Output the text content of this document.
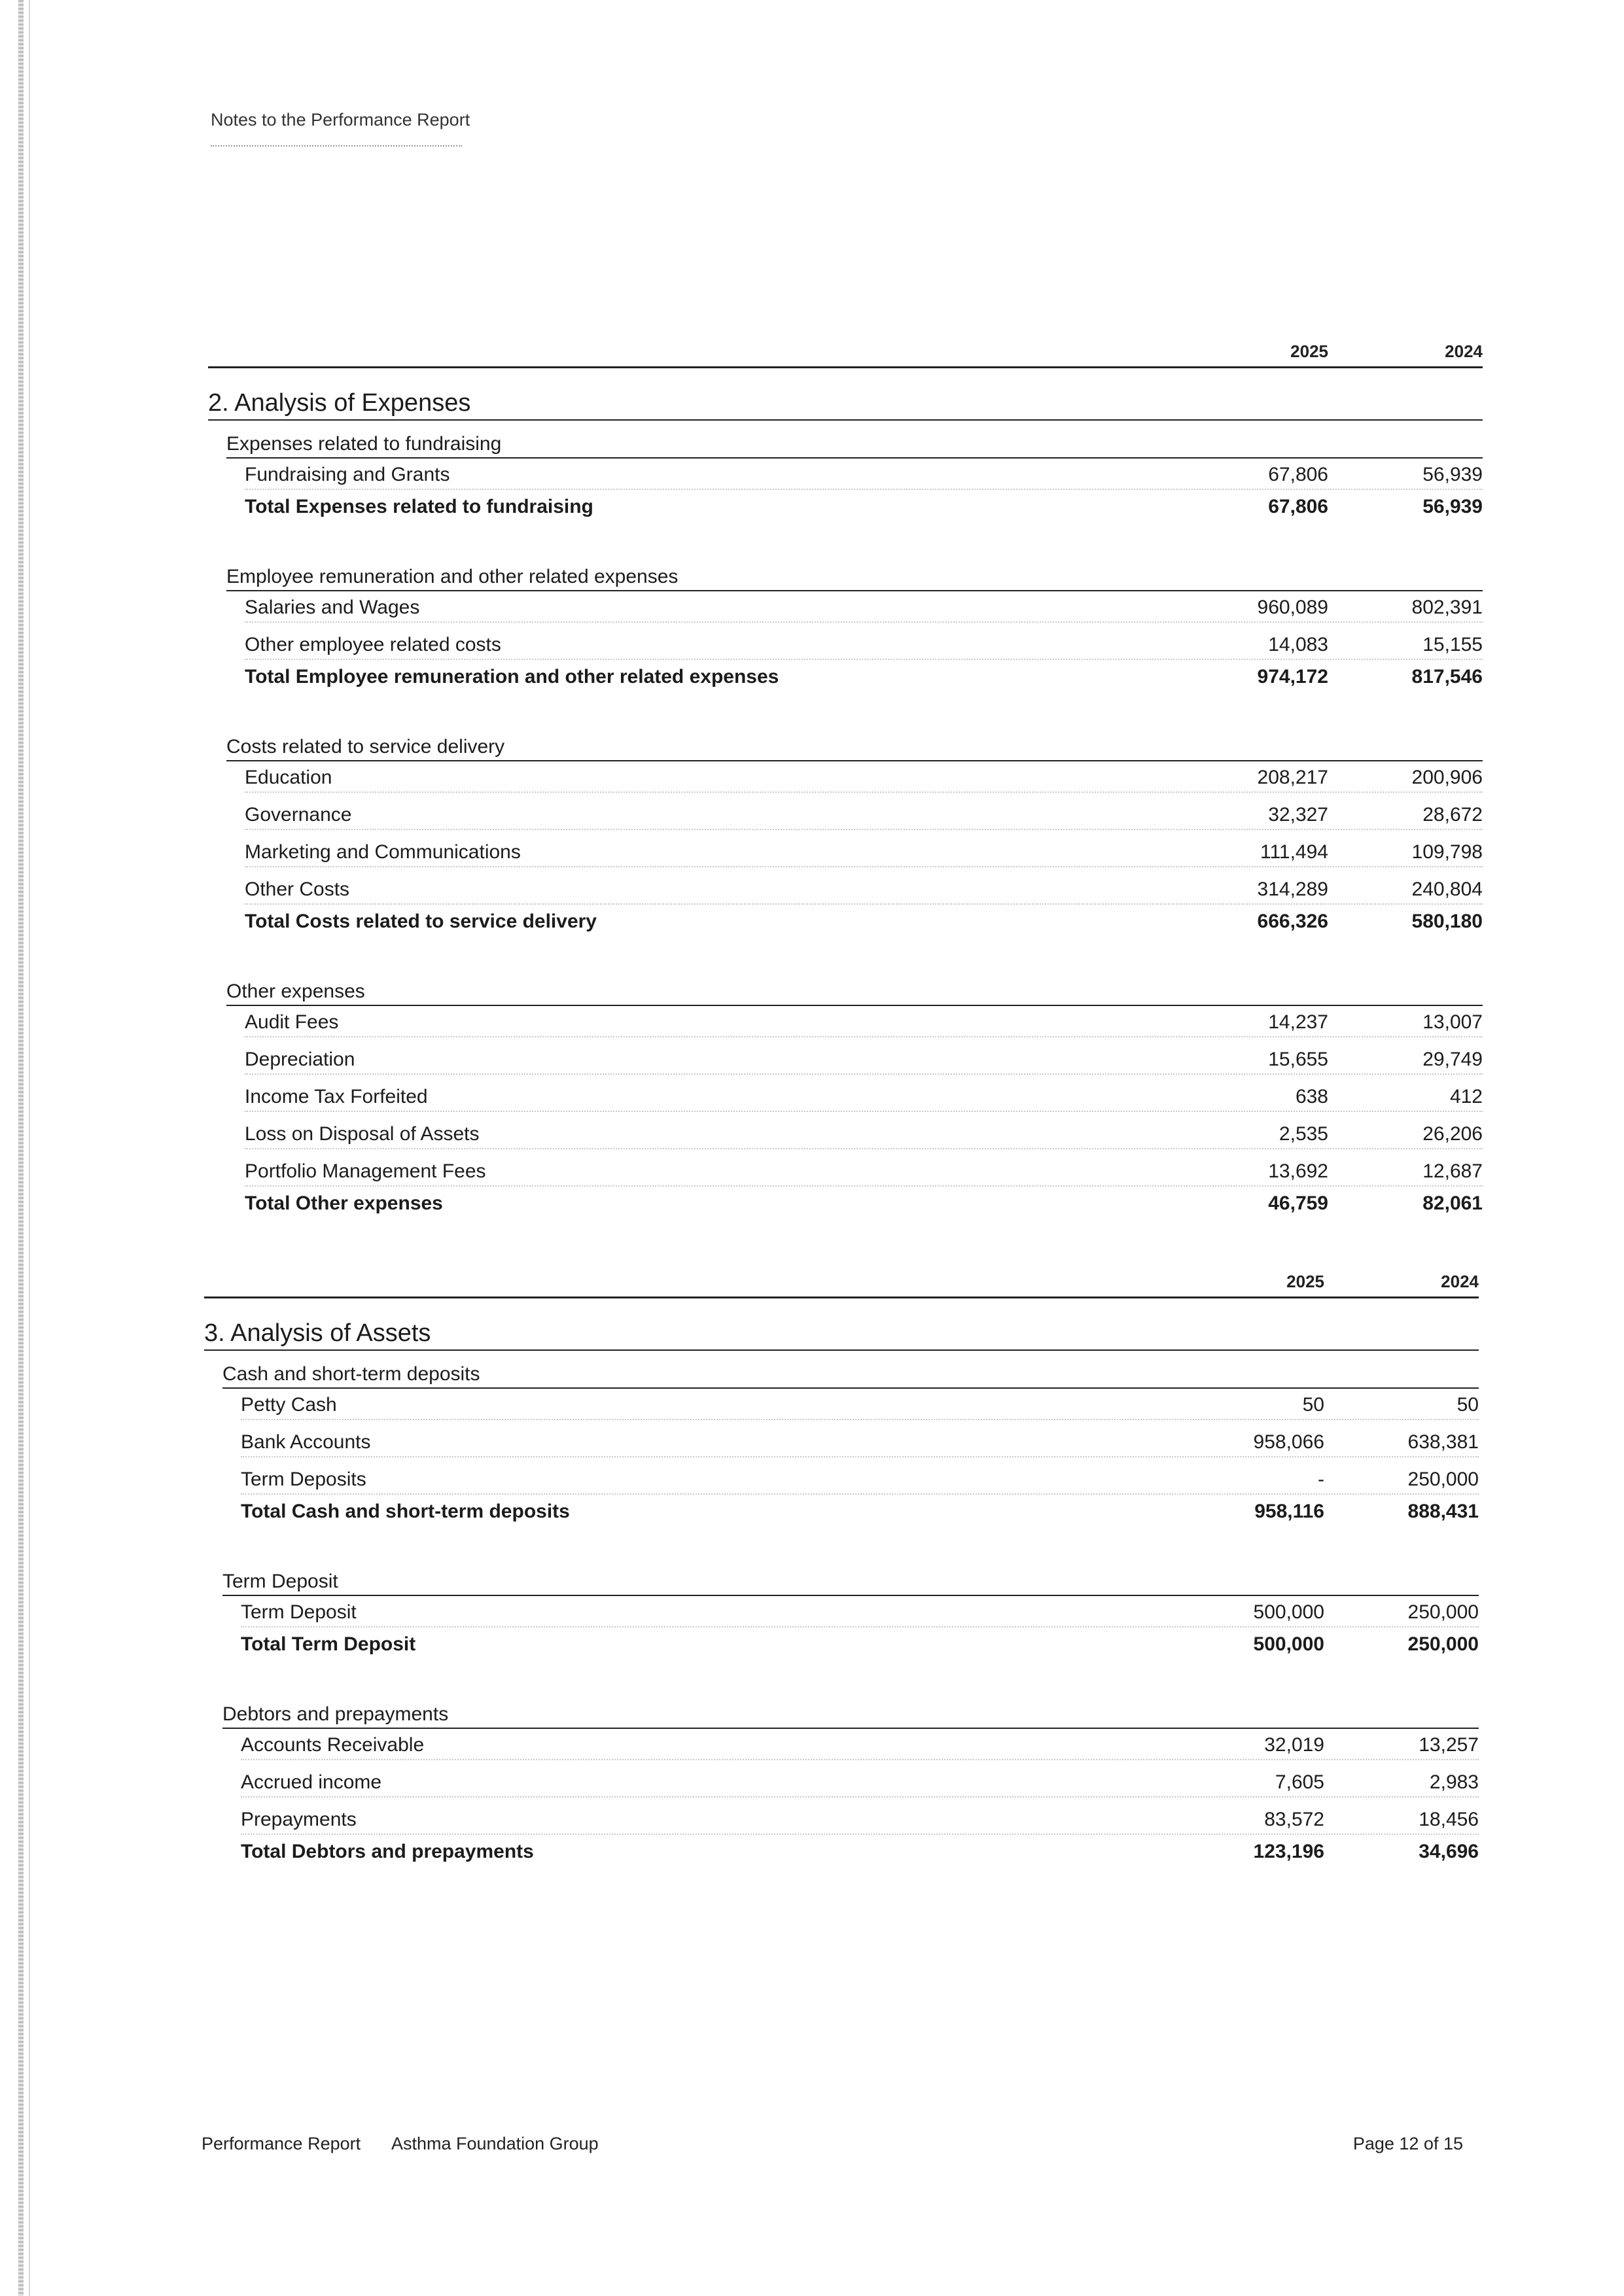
Notes to the Performance Report
2025	2024
2. Analysis of Expenses
Expenses related to fundraising
Fundraising and Grants	67,806	56,939
Total Expenses related to fundraising	67,806	56,939
Employee remuneration and other related expenses
Salaries and Wages	960,089	802,391
Other employee related costs	14,083	15,155
Total Employee remuneration and other related expenses	974,172	817,546
Costs related to service delivery
Education	208,217	200,906
Governance	32,327	28,672
Marketing and Communications	111,494	109,798
Other Costs	314,289	240,804
Total Costs related to service delivery	666,326	580,180
Other expenses
Audit Fees	14,237	13,007
Depreciation	15,655	29,749
Income Tax Forfeited	638	412
Loss on Disposal of Assets	2,535	26,206
Portfolio Management Fees	13,692	12,687
Total Other expenses	46,759	82,061
2025	2024
3. Analysis of Assets
Cash and short-term deposits
Petty Cash	50	50
Bank Accounts	958,066	638,381
Term Deposits	-	250,000
Total Cash and short-term deposits	958,116	888,431
Term Deposit
Term Deposit	500,000	250,000
Total Term Deposit	500,000	250,000
Debtors and prepayments
Accounts Receivable	32,019	13,257
Accrued income	7,605	2,983
Prepayments	83,572	18,456
Total Debtors and prepayments	123,196	34,696
Performance Report Asthma Foundation Group	Page 12 of 15
